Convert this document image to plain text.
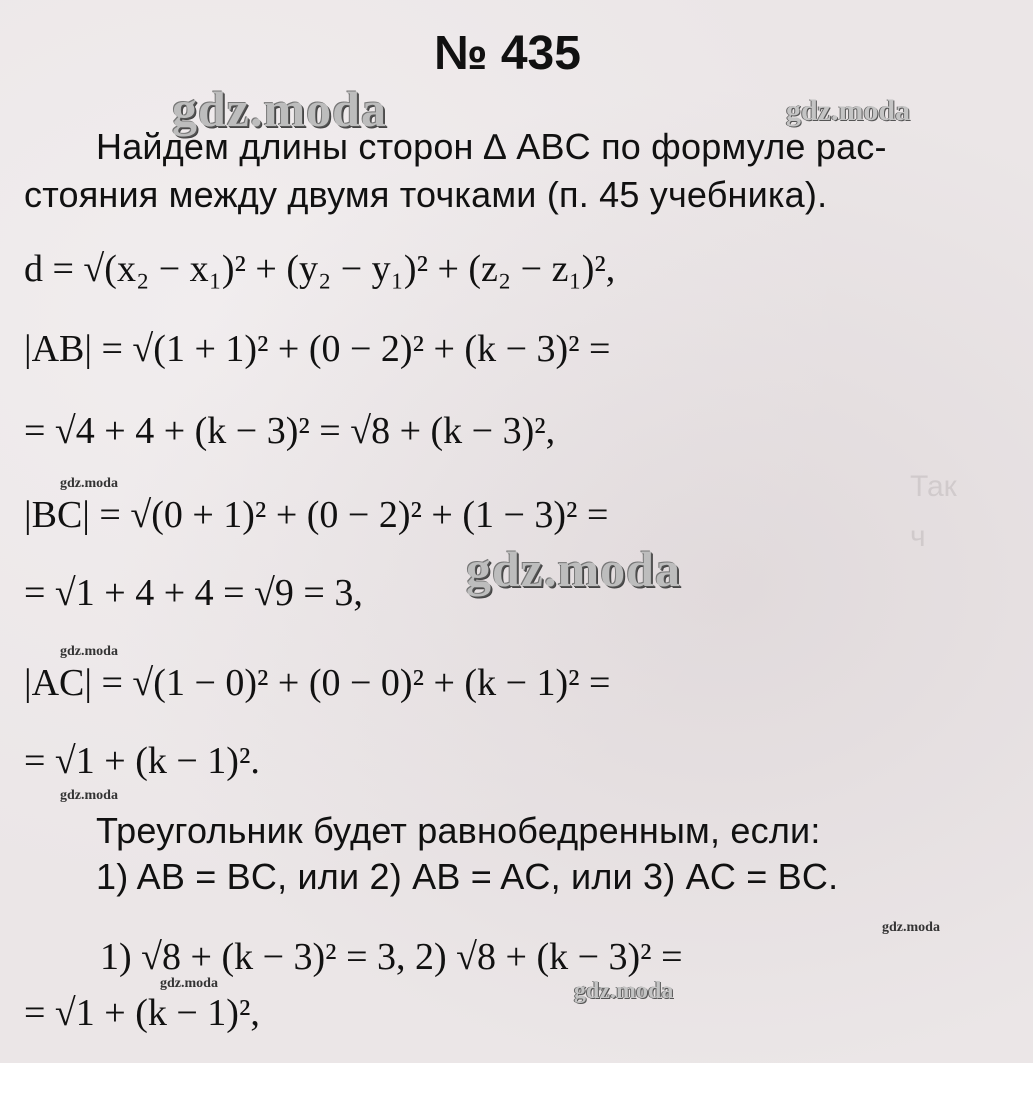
Так
ч
№ 435
gdz.moda	gdz.moda
Найдем длины сторон ∆ ABC по формуле рас-
стояния между двумя точками (п. 45 учебника).
d = √(x₂ − x₁)² + (y₂ − y₁)² + (z₂ − z₁)²,
|AB| = √(1 + 1)² + (0 − 2)² + (k − 3)² =
= √4 + 4 + (k − 3)² = √8 + (k − 3)²,
gdz.moda
|BC| = √(0 + 1)² + (0 − 2)² + (1 − 3)² =
gdz.moda
= √1 + 4 + 4 = √9 = 3,
gdz.moda
|AC| = √(1 − 0)² + (0 − 0)² + (k − 1)² =
= √1 + (k − 1)².
gdz.moda
Треугольник будет равнобедренным, если:
1) AB = BC, или 2) AB = AC, или 3) AC = BC.
gdz.moda
1) √8 + (k − 3)² = 3, 2) √8 + (k − 3)² =
gdz.moda	gdz.moda
= √1 + (k − 1)²,
